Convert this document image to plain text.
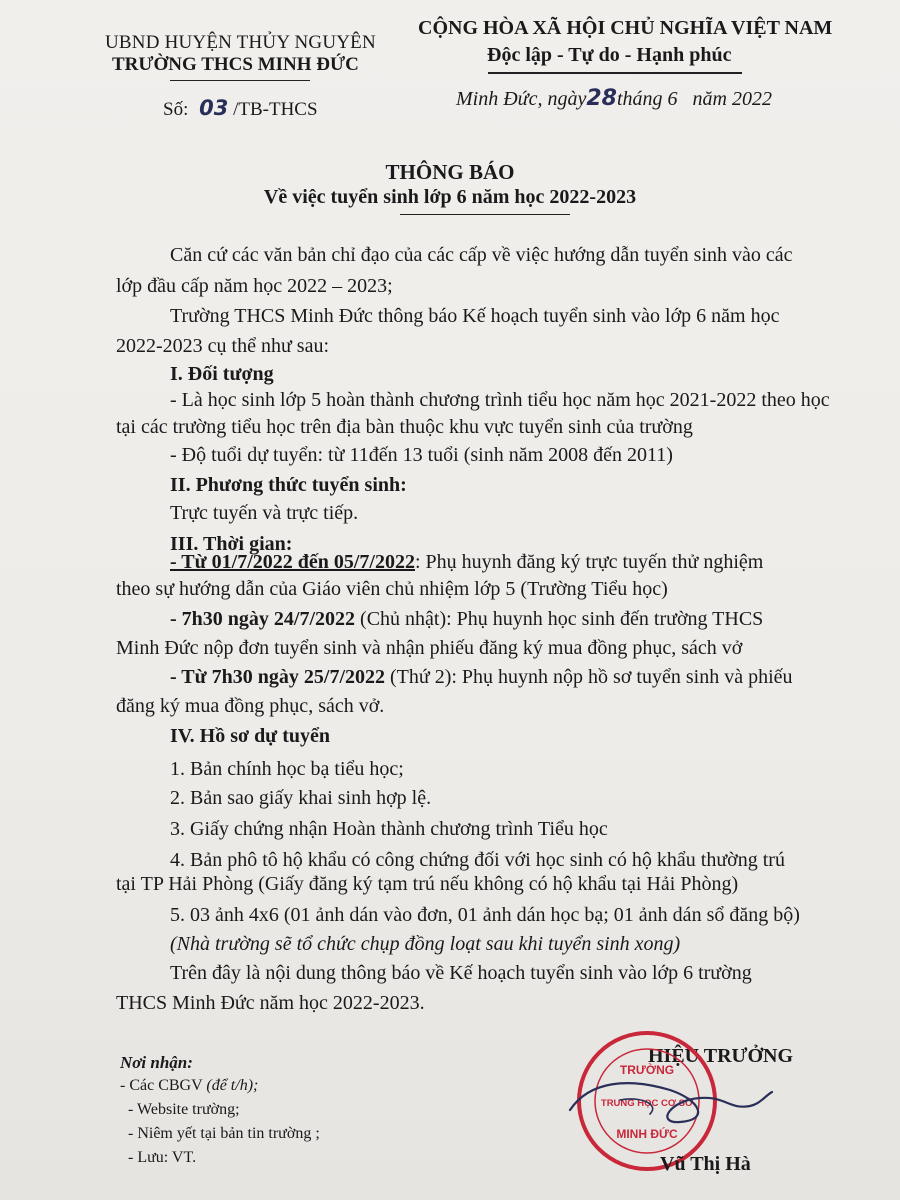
UBND HUYỆN THỦY NGUYÊN
TRƯỜNG THCS MINH ĐỨC
CỘNG HÒA XÃ HỘI CHỦ NGHĨA VIỆT NAM
Độc lập - Tự do - Hạnh phúc
Số: 03 /TB-THCS	Minh Đức, ngày28tháng 6 năm 2022
THÔNG BÁO
Về việc tuyển sinh lớp 6 năm học 2022-2023
Căn cứ các văn bản chỉ đạo của các cấp về việc hướng dẫn tuyển sinh vào các
lớp đầu cấp năm học 2022 – 2023;
Trường THCS Minh Đức thông báo Kế hoạch tuyển sinh vào lớp 6 năm học
2022-2023 cụ thể như sau:
I. Đối tượng
- Là học sinh lớp 5 hoàn thành chương trình tiểu học năm học 2021-2022 theo học
tại các trường tiểu học trên địa bàn thuộc khu vực tuyển sinh của trường
- Độ tuổi dự tuyển: từ 11đến 13 tuổi (sinh năm 2008 đến 2011)
II. Phương thức tuyển sinh:
Trực tuyến và trực tiếp.
III. Thời gian:
- Từ 01/7/2022 đến 05/7/2022: Phụ huynh đăng ký trực tuyến thử nghiệm
theo sự hướng dẫn của Giáo viên chủ nhiệm lớp 5 (Trường Tiểu học)
- 7h30 ngày 24/7/2022 (Chủ nhật): Phụ huynh học sinh đến trường THCS
Minh Đức nộp đơn tuyển sinh và nhận phiếu đăng ký mua đồng phục, sách vở
- Từ 7h30 ngày 25/7/2022 (Thứ 2): Phụ huynh nộp hồ sơ tuyển sinh và phiếu
đăng ký mua đồng phục, sách vở.
IV. Hồ sơ dự tuyển
1. Bản chính học bạ tiểu học;
2. Bản sao giấy khai sinh hợp lệ.
3. Giấy chứng nhận Hoàn thành chương trình Tiểu học
4. Bản phô tô hộ khẩu có công chứng đối với học sinh có hộ khẩu thường trú
tại TP Hải Phòng (Giấy đăng ký tạm trú nếu không có hộ khẩu tại Hải Phòng)
5. 03 ảnh 4x6 (01 ảnh dán vào đơn, 01 ảnh dán học bạ; 01 ảnh dán sổ đăng bộ)
(Nhà trường sẽ tổ chức chụp đồng loạt sau khi tuyển sinh xong)
Trên đây là nội dung thông báo về Kế hoạch tuyển sinh vào lớp 6 trường
THCS Minh Đức năm học 2022-2023.
Nơi nhận:
- Các CBGV (để t/h);
- Website trường;
- Niêm yết tại bản tin trường ;
- Lưu: VT.
HIỆU TRƯỞNG
TRƯỜNG
TRUNG HỌC CƠ SỞ
MINH ĐỨC
Vũ Thị Hà
